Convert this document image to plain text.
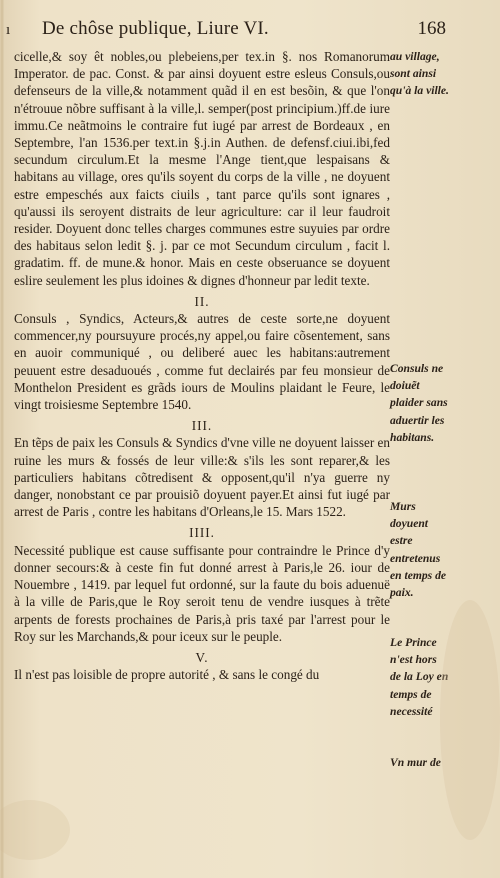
ı De chôse publique, Liure VI.	168

cicelle,& soy êt nobles,ou plebeiens,per tex.in §. nos Romanorum Imperator. de pac. Const. & par ainsi doyuent estre esleus Consuls,ou defenseurs de la ville,& notamment quãd il en est besõin, & que l'on n'étrouue nõbre suffisant à la ville,l. semper(post principium.)ff.de iure immu.Ce neãtmoins le contraire fut iugé par arrest de Bordeaux , en Septembre, l'an 1536.per text.in §.j.in Authen. de defensf.ciui.ibi,fed secundum circulum.Et la mesme l'Ange tient,que lespaisans & habitans au village, ores qu'ils soyent du corps de la ville , ne doyuent estre empeschés aux faicts ciuils , tant parce qu'ils sont ignares , qu'aussi ils seroyent distraits de leur agriculture: car il leur faudroit resider. Doyuent donc telles charges communes estre suyuies par ordre des habitaus selon ledit §. j. par ce mot Secundum circulum , facit l. gradatim. ff. de mune.& honor. Mais en ceste obseruance se doyuent eslire seulement les plus idoines & dignes d'honneur par ledit texte.

II.

Consuls , Syndics, Acteurs,& autres de ceste sorte,ne doyuent commencer,ny poursuyure procés,ny appel,ou faire cõsentement, sans en auoir communiqué , ou deliberé auec les habitans:autrement peuuent estre desaduoués , comme fut declairés par feu monsieur de Monthelon President es grãds iours de Moulins plaidant le Feure, le vingt troisiesme Septembre 1540.

III.

En tẽps de paix les Consuls & Syndics d'vne ville ne doyuent laisser en ruine les murs & fossés de leur ville:& s'ils les sont reparer,& les particuliers habitans cõtredisent & opposent,qu'il n'ya guerre ny danger, nonobstant ce par prouisiõ doyuent payer.Et ainsi fut iugé par arrest de Paris , contre les habitans d'Orleans,le 15. Mars 1522.

IIII.

Necessité publique est cause suffisante pour contraindre le Prince d'y donner secours:& à ceste fin fut donné arrest à Paris,le 26. iour de Nouembre , 1419. par lequel fut ordonné, sur la faute du bois aduenuë à la ville de Paris,que le Roy seroit tenu de vendre iusques à trẽte arpents de forests prochaines de Paris,à pris taxé par l'arrest pour le Roy sur les Marchands,& pour iceux sur le peuple.

V.

Il n'est pas loisible de propre autorité , & sans le congé du

au village, sont ainsi qu'à la ville.
Consuls ne doiuẽt plaider sans aduertir les habitans.
Murs doyuent estre entretenus en temps de paix.
Le Prince n'est hors de la Loy en temps de necessité
Vn mur de
